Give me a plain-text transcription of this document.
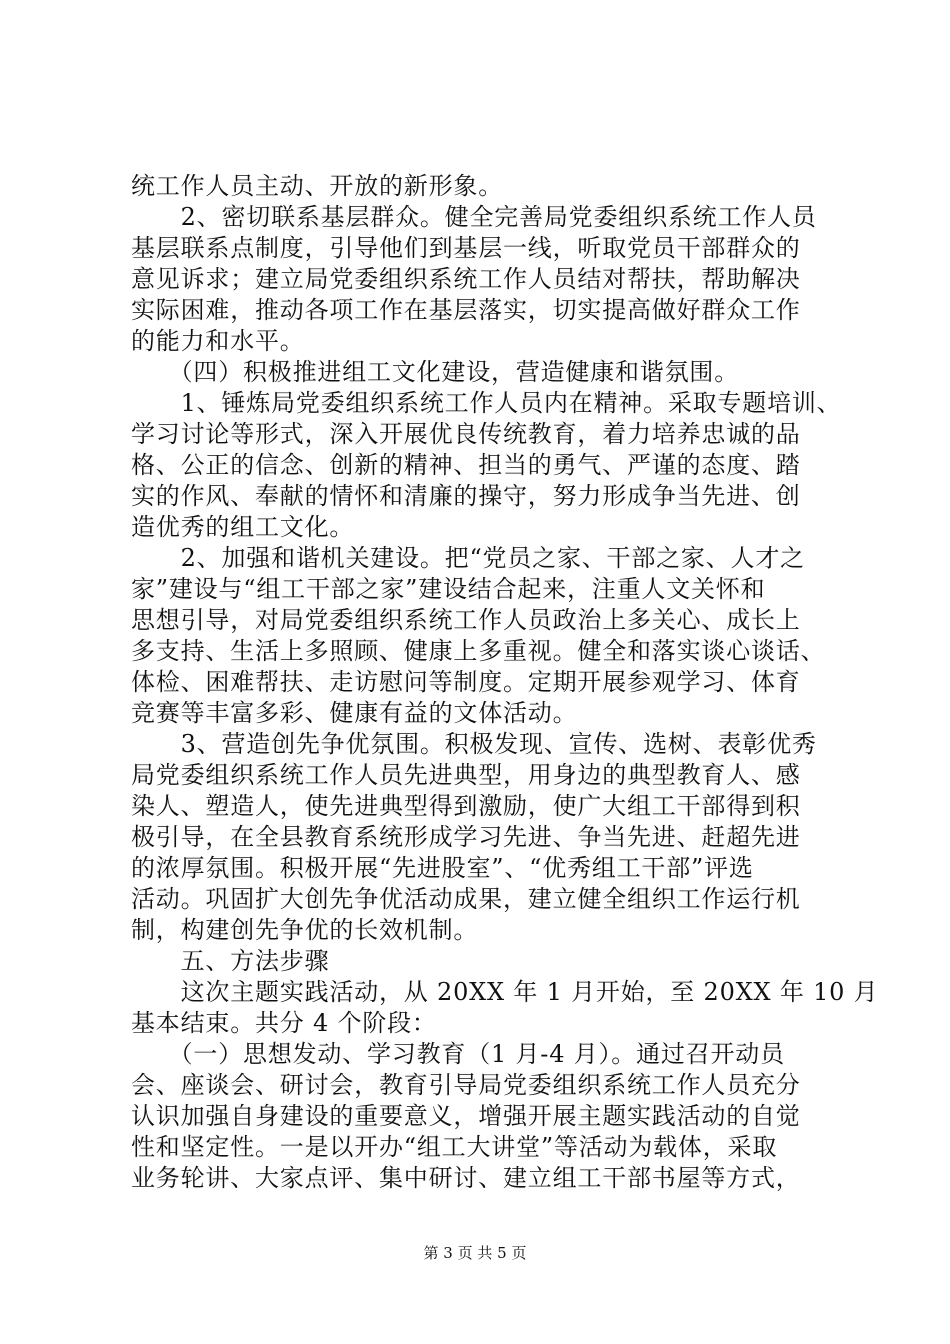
统工作人员主动、开放的新形象。
　　2、密切联系基层群众。健全完善局党委组织系统工作人员
基层联系点制度，引导他们到基层一线，听取党员干部群众的
意见诉求；建立局党委组织系统工作人员结对帮扶，帮助解决
实际困难，推动各项工作在基层落实，切实提高做好群众工作
的能力和水平。
　　（四）积极推进组工文化建设，营造健康和谐氛围。
　　1、锤炼局党委组织系统工作人员内在精神。采取专题培训、
学习讨论等形式，深入开展优良传统教育，着力培养忠诚的品
格、公正的信念、创新的精神、担当的勇气、严谨的态度、踏
实的作风、奉献的情怀和清廉的操守，努力形成争当先进、创
造优秀的组工文化。
　　2、加强和谐机关建设。把“党员之家、干部之家、人才之
家”建设与“组工干部之家”建设结合起来，注重人文关怀和
思想引导，对局党委组织系统工作人员政治上多关心、成长上
多支持、生活上多照顾、健康上多重视。健全和落实谈心谈话、
体检、困难帮扶、走访慰问等制度。定期开展参观学习、体育
竞赛等丰富多彩、健康有益的文体活动。
　　3、营造创先争优氛围。积极发现、宣传、选树、表彰优秀
局党委组织系统工作人员先进典型，用身边的典型教育人、感
染人、塑造人，使先进典型得到激励，使广大组工干部得到积
极引导，在全县教育系统形成学习先进、争当先进、赶超先进
的浓厚氛围。积极开展“先进股室”、“优秀组工干部”评选
活动。巩固扩大创先争优活动成果，建立健全组织工作运行机
制，构建创先争优的长效机制。
　　五、方法步骤
　　这次主题实践活动，从 20XX 年 1 月开始，至 20XX 年 10 月
基本结束。共分 4 个阶段：
　　（一）思想发动、学习教育（1 月-4 月）。通过召开动员
会、座谈会、研讨会，教育引导局党委组织系统工作人员充分
认识加强自身建设的重要意义，增强开展主题实践活动的自觉
性和坚定性。一是以开办“组工大讲堂”等活动为载体，采取
业务轮讲、大家点评、集中研讨、建立组工干部书屋等方式，
第 3 页 共 5 页
